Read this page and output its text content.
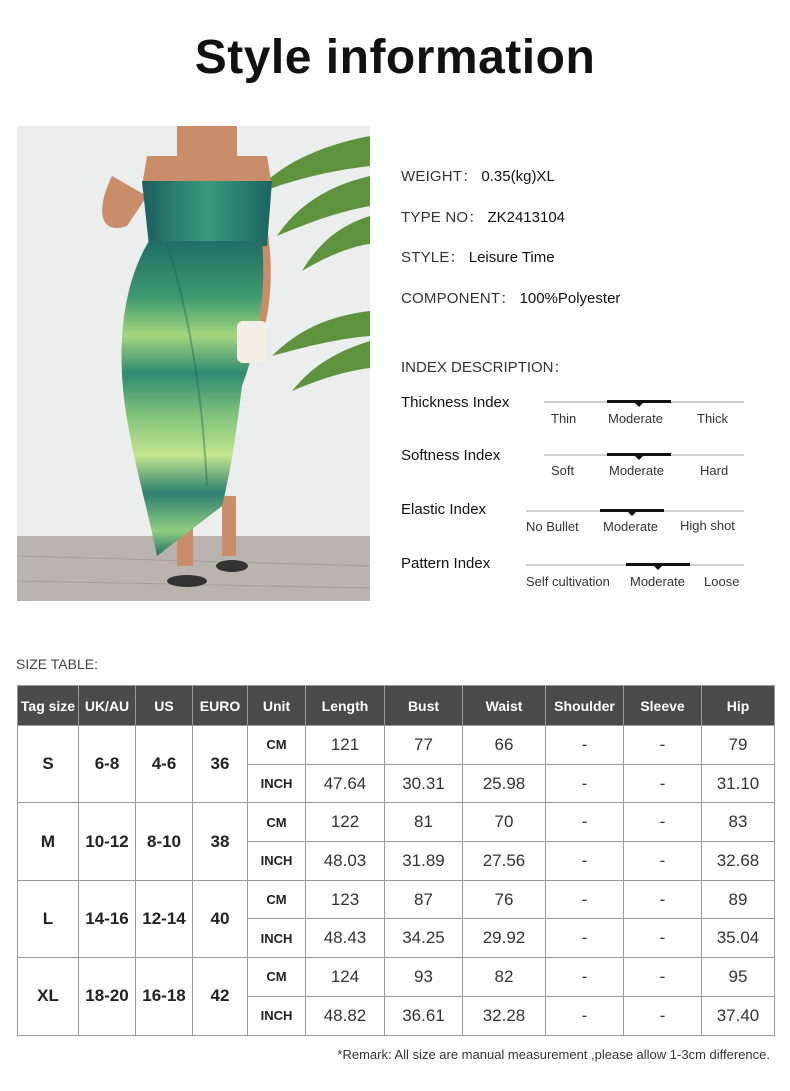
Style information
WEIGHT： 0.35(kg)XL
TYPE NO： ZK2413104
STYLE： Leisure Time
COMPONENT： 100%Polyester
INDEX DESCRIPTION：
Thickness Index
Thin Moderate	Thick
Softness Index
Soft	Moderate	Hard
Elastic Index
No Bullet Moderate High shot
Pattern Index
Self cultivation Moderate Loose
SIZE TABLE:
Tag size	UK/AU	US	EURO	Unit	Length	Bust	Waist	Shoulder	Sleeve	Hip
S	6-8	4-6	36	CM	121	77	66	-	-	79
				INCH	47.64	30.31	25.98	-	-	31.10
M	10-12	8-10	38	CM	122	81	70	-	-	83
				INCH	48.03	31.89	27.56	-	-	32.68
L	14-16	12-14	40	CM	123	87	76	-	-	89
				INCH	48.43	34.25	29.92	-	-	35.04
XL	18-20	16-18	42	CM	124	93	82	-	-	95
				INCH	48.82	36.61	32.28	-	-	37.40
*Remark: All size are manual measurement ,please allow 1-3cm difference.
